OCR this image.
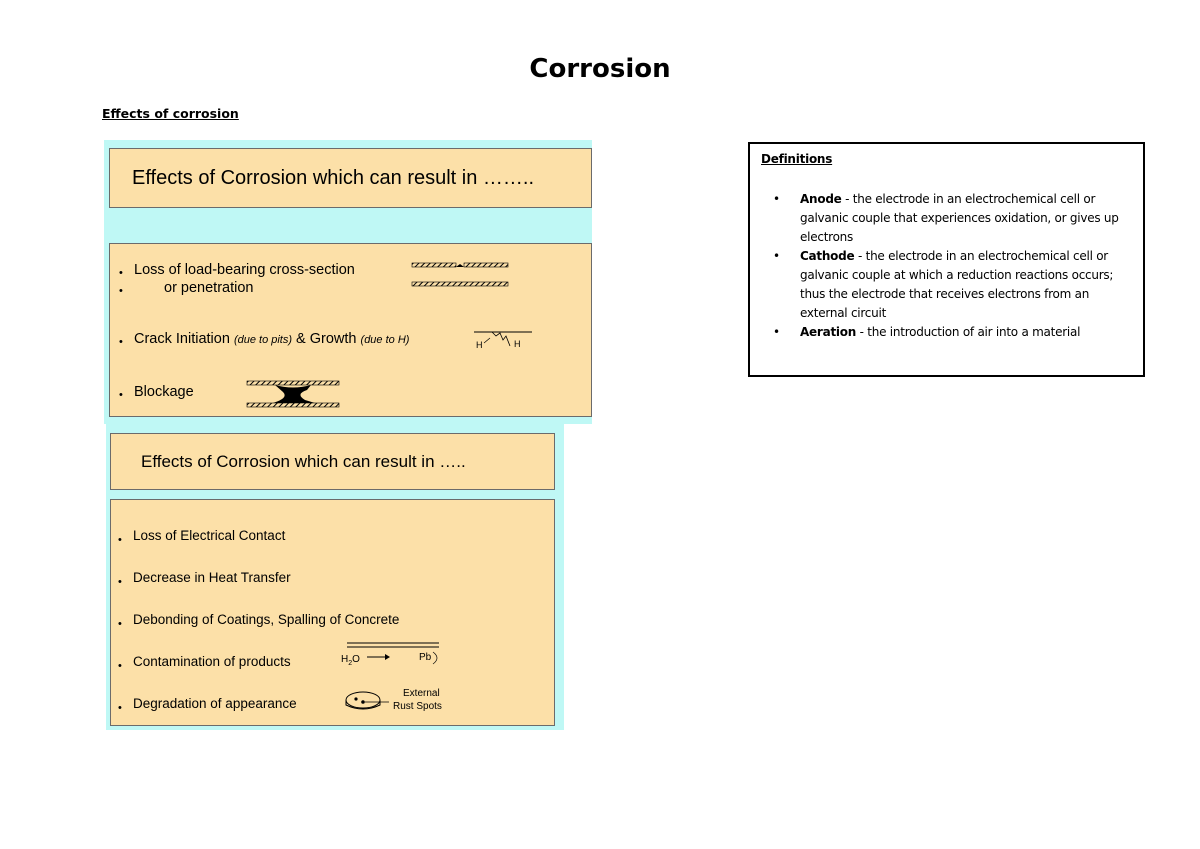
Corrosion
Effects of corrosion
Effects of Corrosion which can result in ……..
• Loss of load-bearing cross-section
•	or penetration
• Crack Initiation (due to pits) & Growth (due to H)	H	H
• Blockage
Effects of Corrosion which can result in …..
• Loss of Electrical Contact
• Decrease in Heat Transfer
• Debonding of Coatings, Spalling of Concrete
• Contamination of products	$H_2O$	Pb
• Degradation of appearance
External
Rust Spots
Definitions
• Anode - the electrode in an electrochemical cell or galvanic couple that experiences oxidation, or gives up electrons
• Cathode - the electrode in an electrochemical cell or galvanic couple at which a reduction reactions occurs; thus the electrode that receives electrons from an external circuit
• Aeration - the introduction of air into a material
